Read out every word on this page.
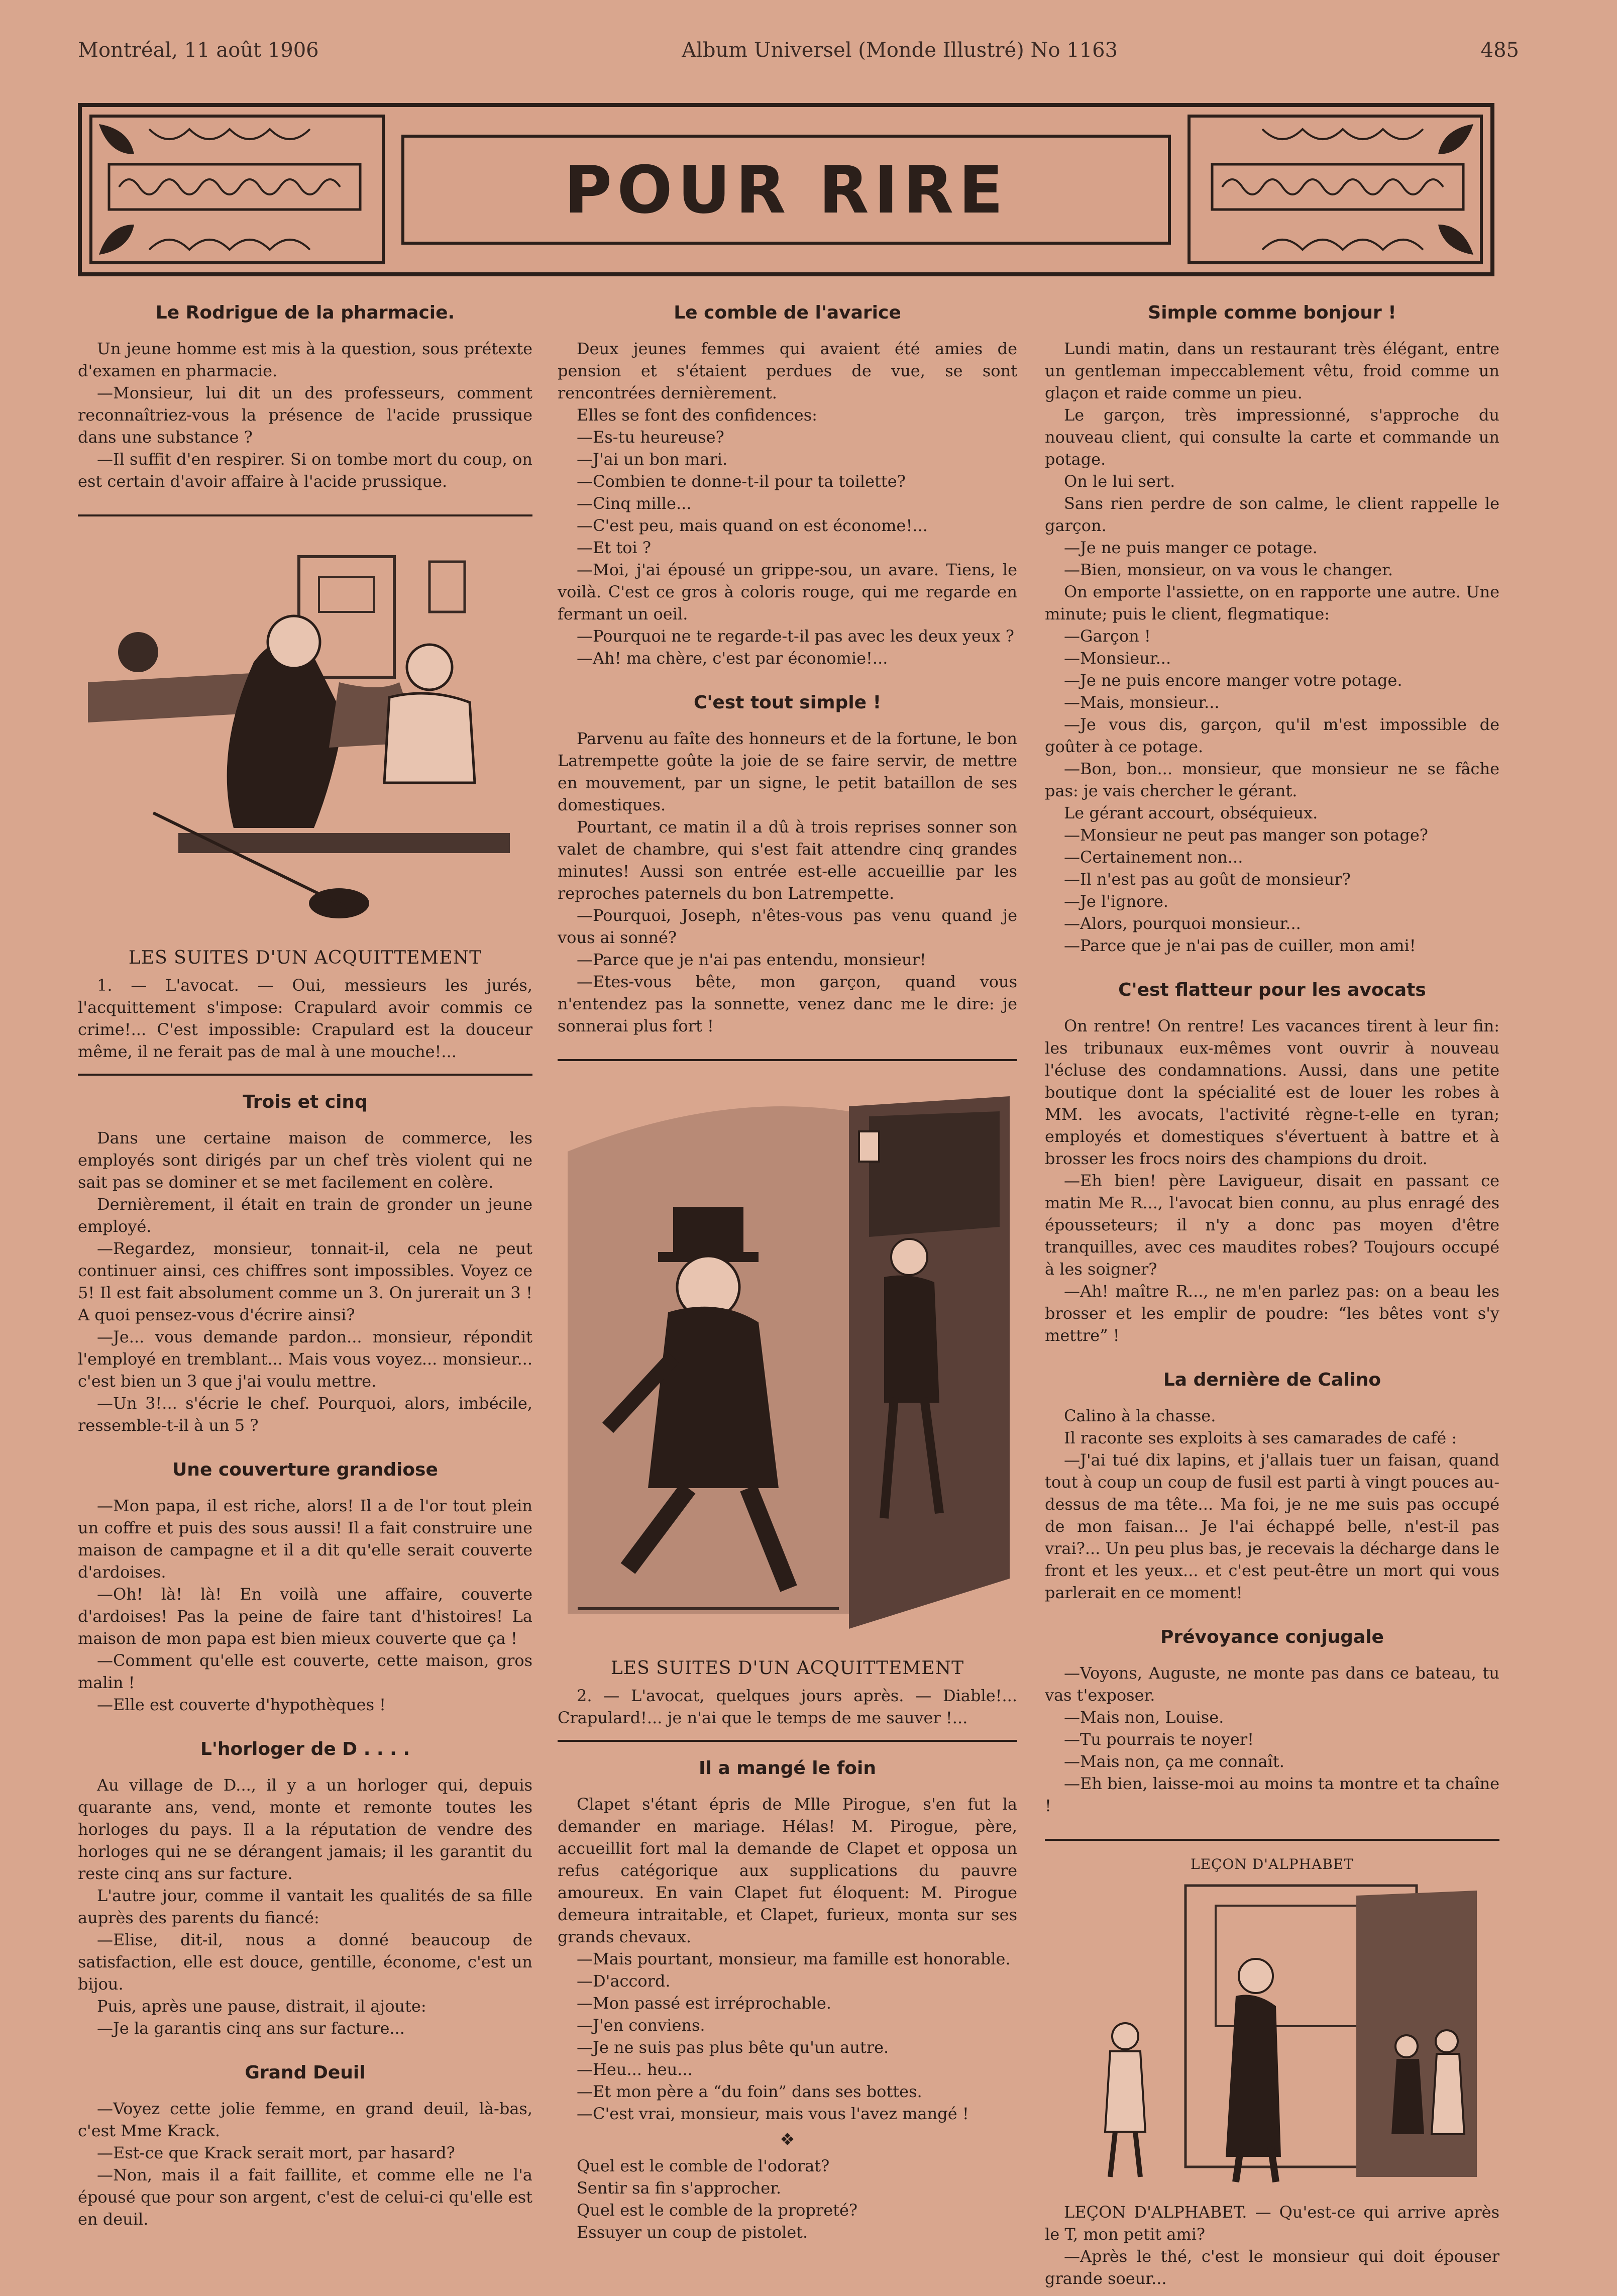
Montréal, 11 août 1906	Album Universel (Monde Illustré) No 1163	485
POUR RIRE
Le Rodrigue de la pharmacie.

Un jeune homme est mis à la question, sous prétexte d'examen en pharmacie.

—Monsieur, lui dit un des professeurs, comment reconnaîtriez-vous la présence de l'acide prussique dans une substance ?

—Il suffit d'en respirer. Si on tombe mort du coup, on est certain d'avoir affaire à l'acide prussique.

LES SUITES D'UN ACQUITTEMENT

1. — L'avocat. — Oui, messieurs les jurés, l'acquittement s'impose: Crapulard avoir commis ce crime!... C'est impossible: Crapulard est la douceur même, il ne ferait pas de mal à une mouche!...

Trois et cinq

Dans une certaine maison de commerce, les employés sont dirigés par un chef très violent qui ne sait pas se dominer et se met facilement en colère.

Dernièrement, il était en train de gronder un jeune employé.

—Regardez, monsieur, tonnait-il, cela ne peut continuer ainsi, ces chiffres sont impossibles. Voyez ce 5! Il est fait absolument comme un 3. On jurerait un 3 ! A quoi pensez-vous d'écrire ainsi?

—Je... vous demande pardon... monsieur, répondit l'employé en tremblant... Mais vous voyez... monsieur... c'est bien un 3 que j'ai voulu mettre.

—Un 3!... s'écrie le chef. Pourquoi, alors, imbécile, ressemble-t-il à un 5 ?

Une couverture grandiose

—Mon papa, il est riche, alors! Il a de l'or tout plein un coffre et puis des sous aussi! Il a fait construire une maison de campagne et il a dit qu'elle serait couverte d'ardoises.

—Oh! là! là! En voilà une affaire, couverte d'ardoises! Pas la peine de faire tant d'histoires! La maison de mon papa est bien mieux couverte que ça !

—Comment qu'elle est couverte, cette maison, gros malin !

—Elle est couverte d'hypothèques !

L'horloger de D . . . .

Au village de D..., il y a un horloger qui, depuis quarante ans, vend, monte et remonte toutes les horloges du pays. Il a la réputation de vendre des horloges qui ne se dérangent jamais; il les garantit du reste cinq ans sur facture.

L'autre jour, comme il vantait les qualités de sa fille auprès des parents du fiancé:

—Elise, dit-il, nous a donné beaucoup de satisfaction, elle est douce, gentille, économe, c'est un bijou.

Puis, après une pause, distrait, il ajoute:

—Je la garantis cinq ans sur facture...

Grand Deuil

—Voyez cette jolie femme, en grand deuil, là-bas, c'est Mme Krack.

—Est-ce que Krack serait mort, par hasard?

—Non, mais il a fait faillite, et comme elle ne l'a épousé que pour son argent, c'est de celui-ci qu'elle est en deuil.

Le comble de l'avarice

Deux jeunes femmes qui avaient été amies de pension et s'étaient perdues de vue, se sont rencontrées dernièrement.

Elles se font des confidences:

—Es-tu heureuse?

—J'ai un bon mari.

—Combien te donne-t-il pour ta toilette?

—Cinq mille...

—C'est peu, mais quand on est économe!...

—Et toi ?

—Moi, j'ai épousé un grippe-sou, un avare. Tiens, le voilà. C'est ce gros à coloris rouge, qui me regarde en fermant un oeil.

—Pourquoi ne te regarde-t-il pas avec les deux yeux ?

—Ah! ma chère, c'est par économie!...

C'est tout simple !

Parvenu au faîte des honneurs et de la fortune, le bon Latrempette goûte la joie de se faire servir, de mettre en mouvement, par un signe, le petit bataillon de ses domestiques.

Pourtant, ce matin il a dû à trois reprises sonner son valet de chambre, qui s'est fait attendre cinq grandes minutes! Aussi son entrée est-elle accueillie par les reproches paternels du bon Latrempette.

—Pourquoi, Joseph, n'êtes-vous pas venu quand je vous ai sonné?

—Parce que je n'ai pas entendu, monsieur!

—Etes-vous bête, mon garçon, quand vous n'entendez pas la sonnette, venez danc me le dire: je sonnerai plus fort !

LES SUITES D'UN ACQUITTEMENT

2. — L'avocat, quelques jours après. — Diable!... Crapulard!... je n'ai que le temps de me sauver !...

Il a mangé le foin

Clapet s'étant épris de Mlle Pirogue, s'en fut la demander en mariage. Hélas! M. Pirogue, père, accueillit fort mal la demande de Clapet et opposa un refus catégorique aux supplications du pauvre amoureux. En vain Clapet fut éloquent: M. Pirogue demeura intraitable, et Clapet, furieux, monta sur ses grands chevaux.

—Mais pourtant, monsieur, ma famille est honorable.

—D'accord.

—Mon passé est irréprochable.

—J'en conviens.

—Je ne suis pas plus bête qu'un autre.

—Heu... heu...

—Et mon père a “du foin” dans ses bottes.

—C'est vrai, monsieur, mais vous l'avez mangé !

❖

Quel est le comble de l'odorat?

Sentir sa fin s'approcher.

Quel est le comble de la propreté?

Essuyer un coup de pistolet.

Simple comme bonjour !

Lundi matin, dans un restaurant très élégant, entre un gentleman impeccablement vêtu, froid comme un glaçon et raide comme un pieu.

Le garçon, très impressionné, s'approche du nouveau client, qui consulte la carte et commande un potage.

On le lui sert.

Sans rien perdre de son calme, le client rappelle le garçon.

—Je ne puis manger ce potage.

—Bien, monsieur, on va vous le changer.

On emporte l'assiette, on en rapporte une autre. Une minute; puis le client, flegmatique:

—Garçon !

—Monsieur...

—Je ne puis encore manger votre potage.

—Mais, monsieur...

—Je vous dis, garçon, qu'il m'est impossible de goûter à ce potage.

—Bon, bon... monsieur, que monsieur ne se fâche pas: je vais chercher le gérant.

Le gérant accourt, obséquieux.

—Monsieur ne peut pas manger son potage?

—Certainement non...

—Il n'est pas au goût de monsieur?

—Je l'ignore.

—Alors, pourquoi monsieur...

—Parce que je n'ai pas de cuiller, mon ami!

C'est flatteur pour les avocats

On rentre! On rentre! Les vacances tirent à leur fin: les tribunaux eux-mêmes vont ouvrir à nouveau l'écluse des condamnations. Aussi, dans une petite boutique dont la spécialité est de louer les robes à MM. les avocats, l'activité règne-t-elle en tyran; employés et domestiques s'évertuent à battre et à brosser les frocs noirs des champions du droit.

—Eh bien! père Lavigueur, disait en passant ce matin Me R..., l'avocat bien connu, au plus enragé des épousseteurs; il n'y a donc pas moyen d'être tranquilles, avec ces maudites robes? Toujours occupé à les soigner?

—Ah! maître R..., ne m'en parlez pas: on a beau les brosser et les emplir de poudre: “les bêtes vont s'y mettre” !

La dernière de Calino

Calino à la chasse.

Il raconte ses exploits à ses camarades de café :

—J'ai tué dix lapins, et j'allais tuer un faisan, quand tout à coup un coup de fusil est parti à vingt pouces au-dessus de ma tête... Ma foi, je ne me suis pas occupé de mon faisan... Je l'ai échappé belle, n'est-il pas vrai?... Un peu plus bas, je recevais la décharge dans le front et les yeux... et c'est peut-être un mort qui vous parlerait en ce moment!

Prévoyance conjugale

—Voyons, Auguste, ne monte pas dans ce bateau, tu vas t'exposer.

—Mais non, Louise.

—Tu pourrais te noyer!

—Mais non, ça me connaît.

—Eh bien, laisse-moi au moins ta montre et ta chaîne !

LEÇON D'ALPHABET

LEÇON D'ALPHABET. — Qu'est-ce qui arrive après le T, mon petit ami?

—Après le thé, c'est le monsieur qui doit épouser grande soeur...
